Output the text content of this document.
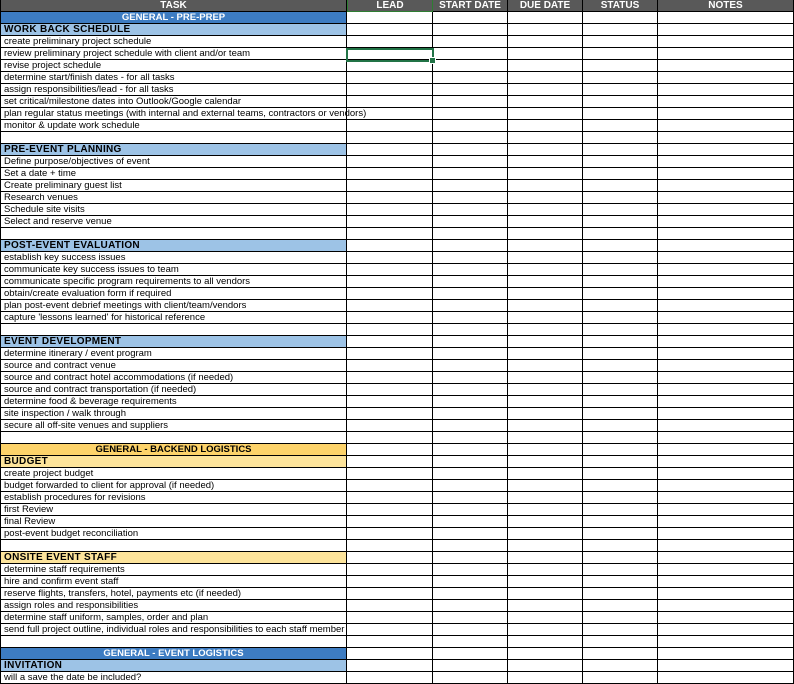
TASK	LEAD	START DATE	DUE DATE	STATUS	NOTES
GENERAL - PRE-PREP
WORK BACK SCHEDULE
create preliminary project schedule
review preliminary project schedule with client and/or team
revise project schedule
determine start/finish dates - for all tasks
assign responsibilities/lead - for all tasks
set critical/milestone dates into Outlook/Google calendar
plan regular status meetings (with internal and external teams, contractors or vendors)
monitor & update work schedule
PRE-EVENT PLANNING
Define purpose/objectives of event
Set a date + time
Create preliminary guest list
Research venues
Schedule site visits
Select and reserve venue
POST-EVENT EVALUATION
establish key success issues
communicate key success issues to team
communicate specific program requirements to all vendors
obtain/create evaluation form if required
plan post-event debrief meetings with client/team/vendors
capture 'lessons learned' for historical reference
EVENT DEVELOPMENT
determine itinerary / event program
source and contract venue
source and contract hotel accommodations (if needed)
source and contract transportation (if needed)
determine food & beverage requirements
site inspection / walk through
secure all off-site venues and suppliers
GENERAL - BACKEND LOGISTICS
BUDGET
create project budget
budget forwarded to client for approval (if needed)
establish procedures for revisions
first Review
final Review
post-event budget reconciliation
ONSITE EVENT STAFF
determine staff requirements
hire and confirm event staff
reserve flights, transfers, hotel, payments etc (if needed)
assign roles and responsibilities
determine staff uniform, samples, order and plan
send full project outline, individual roles and responsibilities to each staff member
GENERAL - EVENT LOGISTICS
INVITATION
will a save the date be included?
